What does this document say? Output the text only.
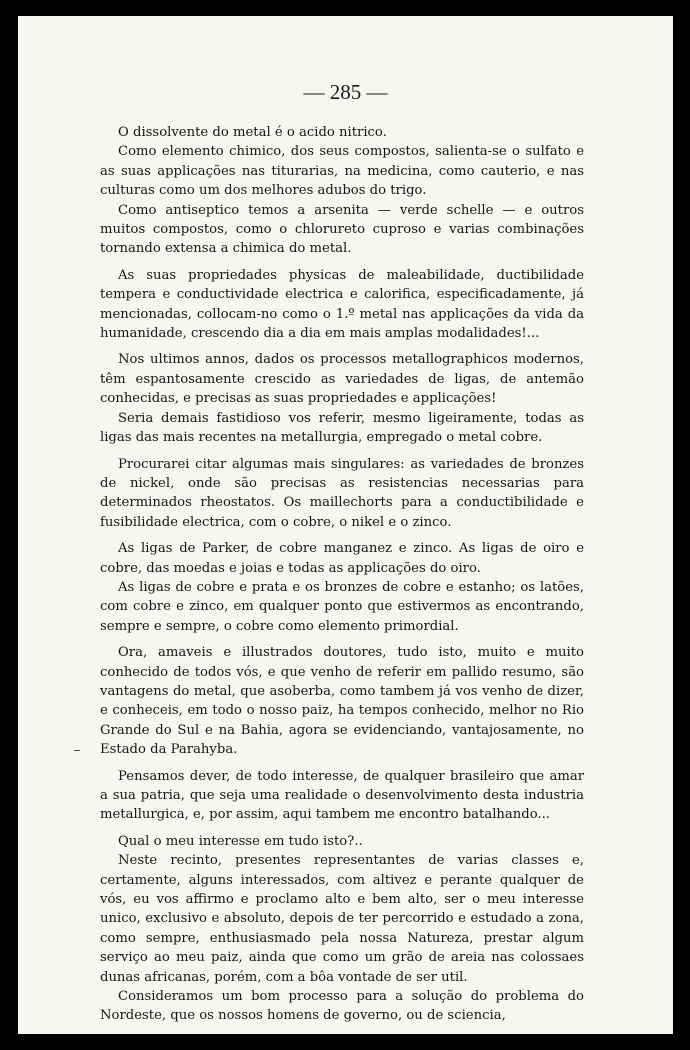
— 285 —

O dissolvente do metal é o acido nitrico.

Como elemento chimico, dos seus compostos, salienta-se o sulfato e as suas applicações nas titurarias, na medicina, como cauterio, e nas culturas como um dos melhores adubos do trigo.

Como antiseptico temos a arsenita — verde schelle — e outros muitos compostos, como o chlorureto cuproso e varias combinações tornando extensa a chimica do metal.

As suas propriedades physicas de maleabilidade, ductibilidade tempera e conductividade electrica e calorifica, especificadamente, já mencionadas, collocam-no como o 1.º metal nas applicações da vida da humanidade, crescendo dia a dia em mais amplas modalidades!...

Nos ultimos annos, dados os processos metallographicos modernos, têm espantosamente crescido as variedades de ligas, de antemão conhecidas, e precisas as suas propriedades e applicações!

Seria demais fastidioso vos referir, mesmo ligeiramente, todas as ligas das mais recentes na metallurgia, empregado o metal cobre.

Procurarei citar algumas mais singulares: as variedades de bronzes de nickel, onde são precisas as resistencias necessarias para determinados rheostatos. Os maillechorts para a conductibilidade e fusibilidade electrica, com o cobre, o nikel e o zinco.

As ligas de Parker, de cobre manganez e zinco. As ligas de oiro e cobre, das moedas e joias e todas as applicações do oiro.

As ligas de cobre e prata e os bronzes de cobre e estanho; os latões, com cobre e zinco, em qualquer ponto que estivermos as encontrando, sempre e sempre, o cobre como elemento primordial.

Ora, amaveis e illustrados doutores, tudo isto, muito e muito conhecido de todos vós, e que venho de referir em pallido resumo, são vantagens do metal, que asoberba, como tambem já vos venho de dizer, e conheceis, em todo o nosso paiz, ha tempos conhecido, melhor no Rio Grande do Sul e na Bahia, agora se evidenciando, vantajosamente, no Estado da Parahyba.

Pensamos dever, de todo interesse, de qualquer brasileiro que amar a sua patria, que seja uma realidade o desenvolvimento desta industria metallurgica, e, por assim, aqui tambem me encontro batalhando...

Qual o meu interesse em tudo isto?..

Neste recinto, presentes representantes de varias classes e, certamente, alguns interessados, com altivez e perante qualquer de vós, eu vos affirmo e proclamo alto e bem alto, ser o meu interesse unico, exclusivo e absoluto, depois de ter percorrido e estudado a zona, como sempre, enthusiasmado pela nossa Natureza, prestar algum serviço ao meu paiz, ainda que como um grão de areia nas colossaes dunas africanas, porém, com a bôa vontade de ser util.

Consideramos um bom processo para a solução do problema do Nordeste, que os nossos homens de governo, ou de sciencia,
